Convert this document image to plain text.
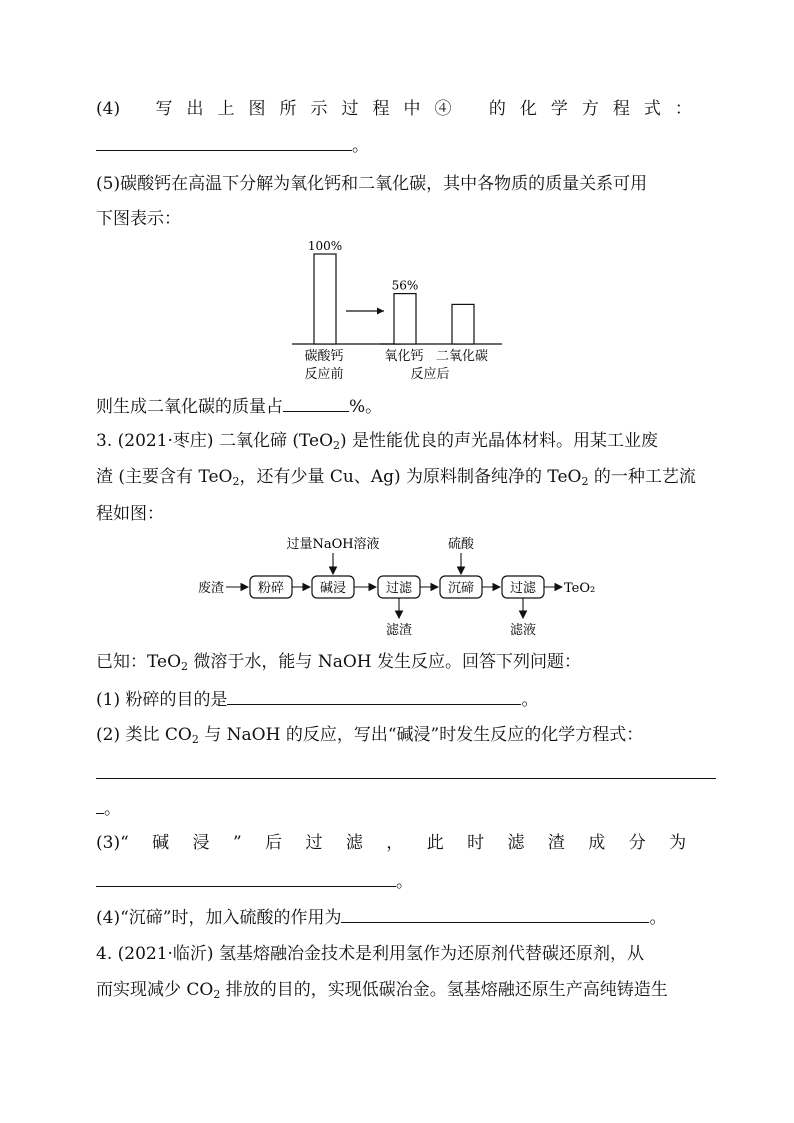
(4) 写出上图所示过程中④ 的化学方程式：
。
(5)碳酸钙在高温下分解为氧化钙和二氧化碳，其中各物质的质量关系可用
下图表示：
100%
56%
碳酸钙
反应前
氧化钙
反应后
二氧化碳
则生成二氧化碳的质量占	%。
3. (2021·枣庄) 二氧化碲 (TeO$_2$) 是性能优良的声光晶体材料。用某工业废
渣 (主要含有 TeO$_2$，还有少量 Cu、Ag) 为原料制备纯净的 TeO$_2$ 的一种工艺流
程如图：
废渣	粉碎	碱浸	过滤	沉碲	过滤 TeO₂
过量NaOH溶液	硫酸
滤渣	滤液
已知：TeO$_2$ 微溶于水，能与 NaOH 发生反应。回答下列问题：
(1) 粉碎的目的是	。
(2) 类比 $CO_2$ 与 NaOH 的反应，写出“碱浸”时发生反应的化学方程式：
。
(3)“ 碱 浸 ” 后 过 滤 ， 此 时 滤 渣 成 分 为
。
(4)“沉碲”时，加入硫酸的作用为	。
4. (2021·临沂) 氢基熔融冶金技术是利用氢作为还原剂代替碳还原剂，从
而实现减少 $CO_2$ 排放的目的，实现低碳冶金。氢基熔融还原生产高纯铸造生
